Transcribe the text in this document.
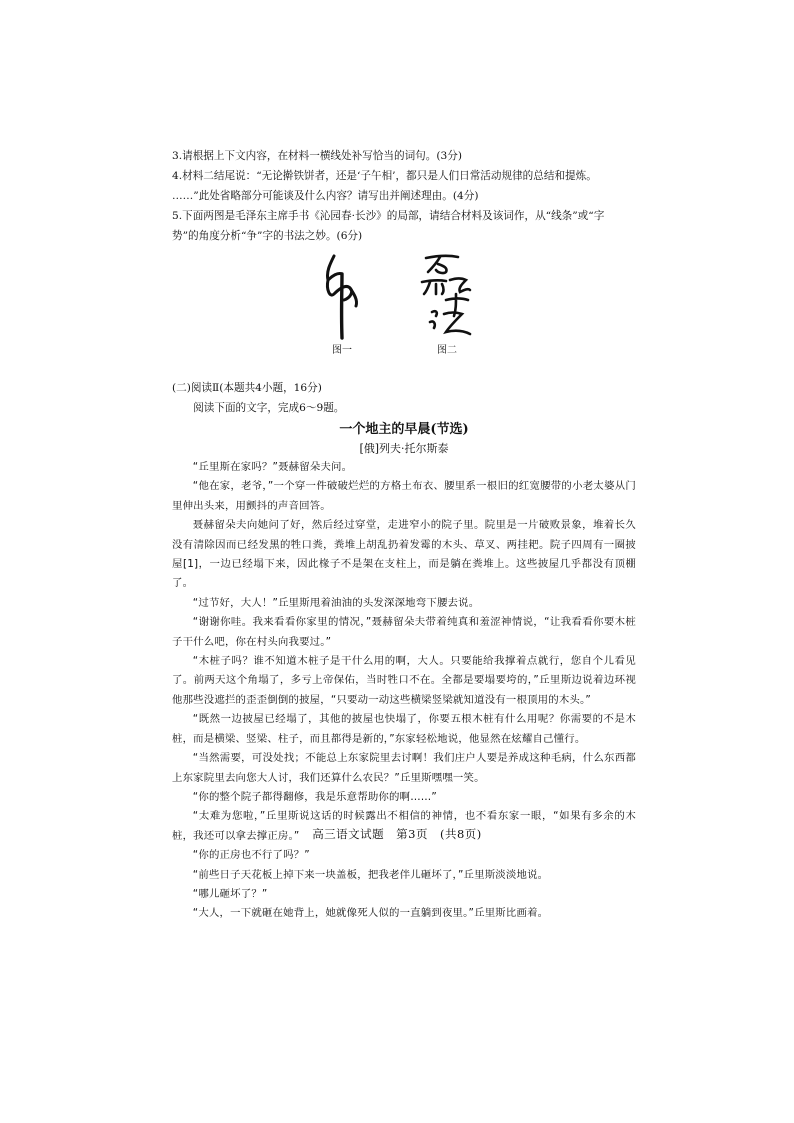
3.请根据上下文内容，在材料一横线处补写恰当的词句。(3分)
4.材料二结尾说：“无论擀铁饼者，还是‘子午相’，都只是人们日常活动规律的总结和提炼。
……”此处省略部分可能谈及什么内容？请写出并阐述理由。(4分)
5.下面两图是毛泽东主席手书《沁园春·长沙》的局部，请结合材料及该词作，从“线条”或“字
势”的角度分析“争”字的书法之妙。(6分)
图一	图二
(二)阅读Ⅱ(本题共4小题，16分)
阅读下面的文字，完成6～9题。
一个地主的早晨(节选)
[俄]列夫·托尔斯泰

“丘里斯在家吗？”聂赫留朵夫问。

“他在家，老爷，”一个穿一件破破烂烂的方格土布衣、腰里系一根旧的红宽腰带的小老太婆从门里伸出头来，用颤抖的声音回答。

聂赫留朵夫向她问了好，然后经过穿堂，走进窄小的院子里。院里是一片破败景象，堆着长久没有清除因而已经发黑的牲口粪，粪堆上胡乱扔着发霉的木头、草叉、两挂耙。院子四周有一圈披屋[1]，一边已经塌下来，因此椽子不是架在支柱上，而是躺在粪堆上。这些披屋几乎都没有顶棚了。

“过节好，大人！”丘里斯甩着油油的头发深深地弯下腰去说。

“谢谢你哇。我来看看你家里的情况，”聂赫留朵夫带着纯真和羞涩神情说，“让我看看你要木桩子干什么吧，你在村头向我要过。”

“木桩子吗？谁不知道木桩子是干什么用的啊，大人。只要能给我撑着点就行，您自个儿看见了。前两天这个角塌了，多亏上帝保佑，当时牲口不在。全都是要塌要垮的，”丘里斯边说着边环视他那些没遮拦的歪歪倒倒的披屋，“只要动一动这些横梁竖梁就知道没有一根顶用的木头。”

“既然一边披屋已经塌了，其他的披屋也快塌了，你要五根木桩有什么用呢？你需要的不是木桩，而是横梁、竖梁、柱子，而且都得是新的，”东家轻松地说，他显然在炫耀自己懂行。

“当然需要，可没处找；不能总上东家院里去讨啊！我们庄户人要是养成这种毛病，什么东西都上东家院里去向您大人讨，我们还算什么农民？”丘里斯嘿嘿一笑。

“你的整个院子都得翻修，我是乐意帮助你的啊……”

“太难为您啦，”丘里斯说这话的时候露出不相信的神情，也不看东家一眼，“如果有多余的木桩，我还可以拿去撑正房。”

“你的正房也不行了吗？”

“前些日子天花板上掉下来一块盖板，把我老伴儿砸坏了，”丘里斯淡淡地说。

“哪儿砸坏了？”

“大人，一下就砸在她背上，她就像死人似的一直躺到夜里。”丘里斯比画着。

高三语文试题　第3页　(共8页)
